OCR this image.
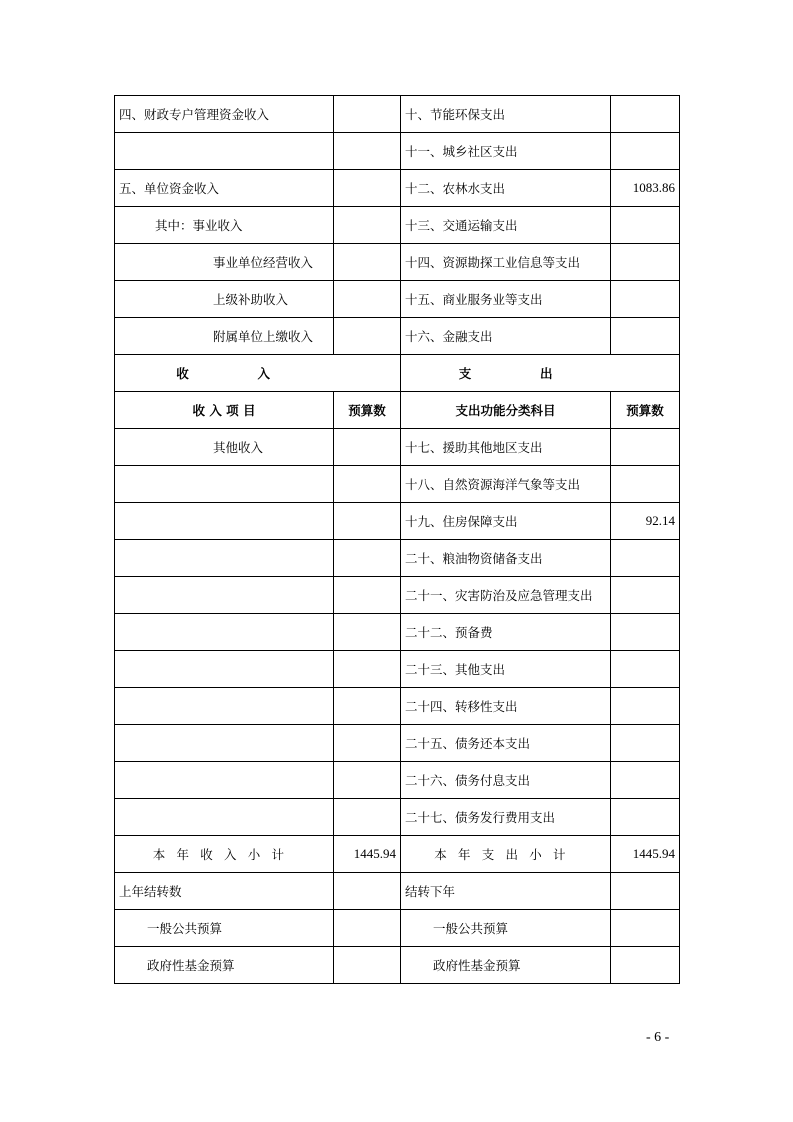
四、财政专户管理资金收入		十、节能环保支出	
		十一、城乡社区支出	
五、单位资金收入		十二、农林水支出	1083.86
其中：事业收入		十三、交通运输支出	
事业单位经营收入		十四、资源勘探工业信息等支出	
上级补助收入		十五、商业服务业等支出	
附属单位上缴收入		十六、金融支出	
收入		支出	
收 入 项 目	预算数	支出功能分类科目	预算数
其他收入		十七、援助其他地区支出	
		十八、自然资源海洋气象等支出	
		十九、住房保障支出	92.14
		二十、粮油物资储备支出	
		二十一、灾害防治及应急管理支出	
		二十二、预备费	
		二十三、其他支出	
		二十四、转移性支出	
		二十五、债务还本支出	
		二十六、债务付息支出	
		二十七、债务发行费用支出	
本年收入小计	1445.94	本年支出小计	1445.94
上年结转数		结转下年	
一般公共预算		一般公共预算	
政府性基金预算		政府性基金预算	
- 6 -
